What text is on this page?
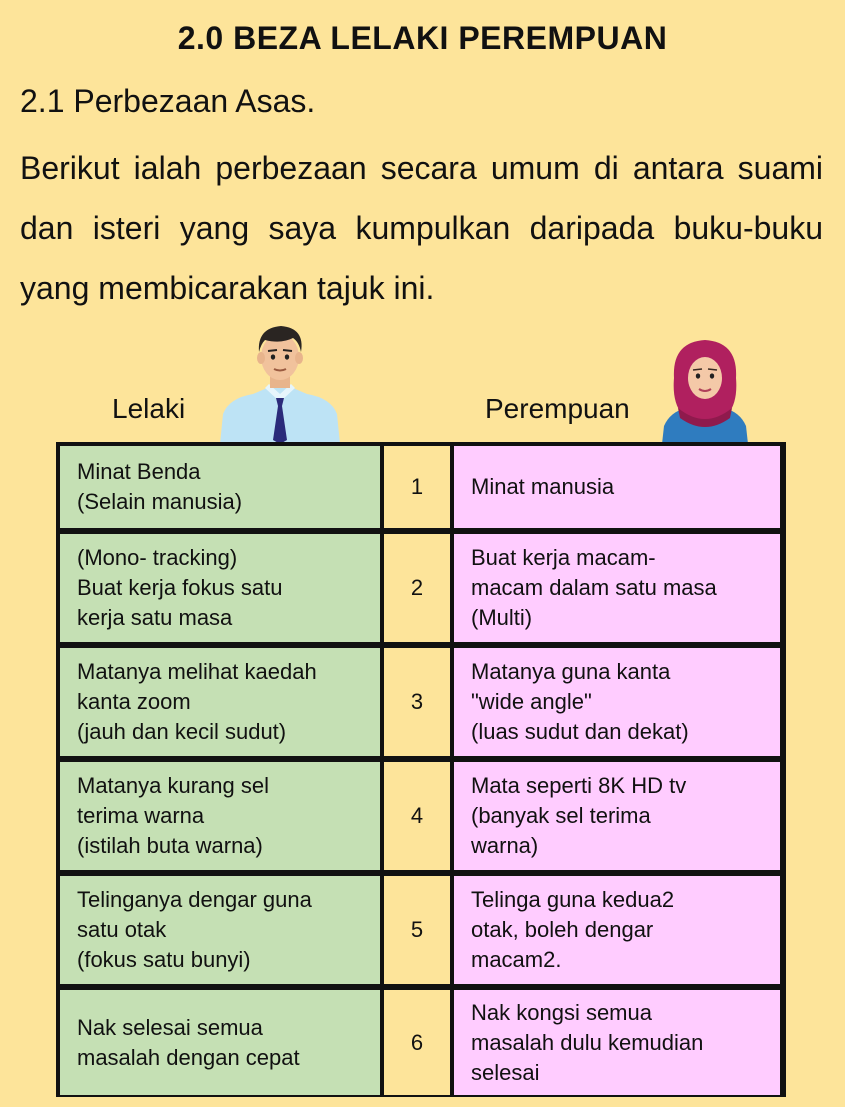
2.0 BEZA LELAKI PEREMPUAN
2.1 Perbezaan Asas.
Berikut ialah perbezaan secara umum di antara suami dan isteri yang saya kumpulkan daripada buku-buku yang membicarakan tajuk ini.
Lelaki	Perempuan
Minat Benda
(Selain manusia)
1	Minat manusia
(Mono- tracking)
Buat kerja fokus satu
kerja satu masa
2
Buat kerja macam-
macam dalam satu masa
(Multi)
Matanya melihat kaedah
kanta zoom
(jauh dan kecil sudut)
3
Matanya guna kanta
"wide angle"
(luas sudut dan dekat)
Matanya kurang sel
terima warna
(istilah buta warna)
4
Mata seperti 8K HD tv
(banyak sel terima
warna)
Telinganya dengar guna
satu otak
(fokus satu bunyi)
5
Telinga guna kedua2
otak, boleh dengar
macam2.
Nak selesai semua
masalah dengan cepat
6
Nak kongsi semua
masalah dulu kemudian
selesai
